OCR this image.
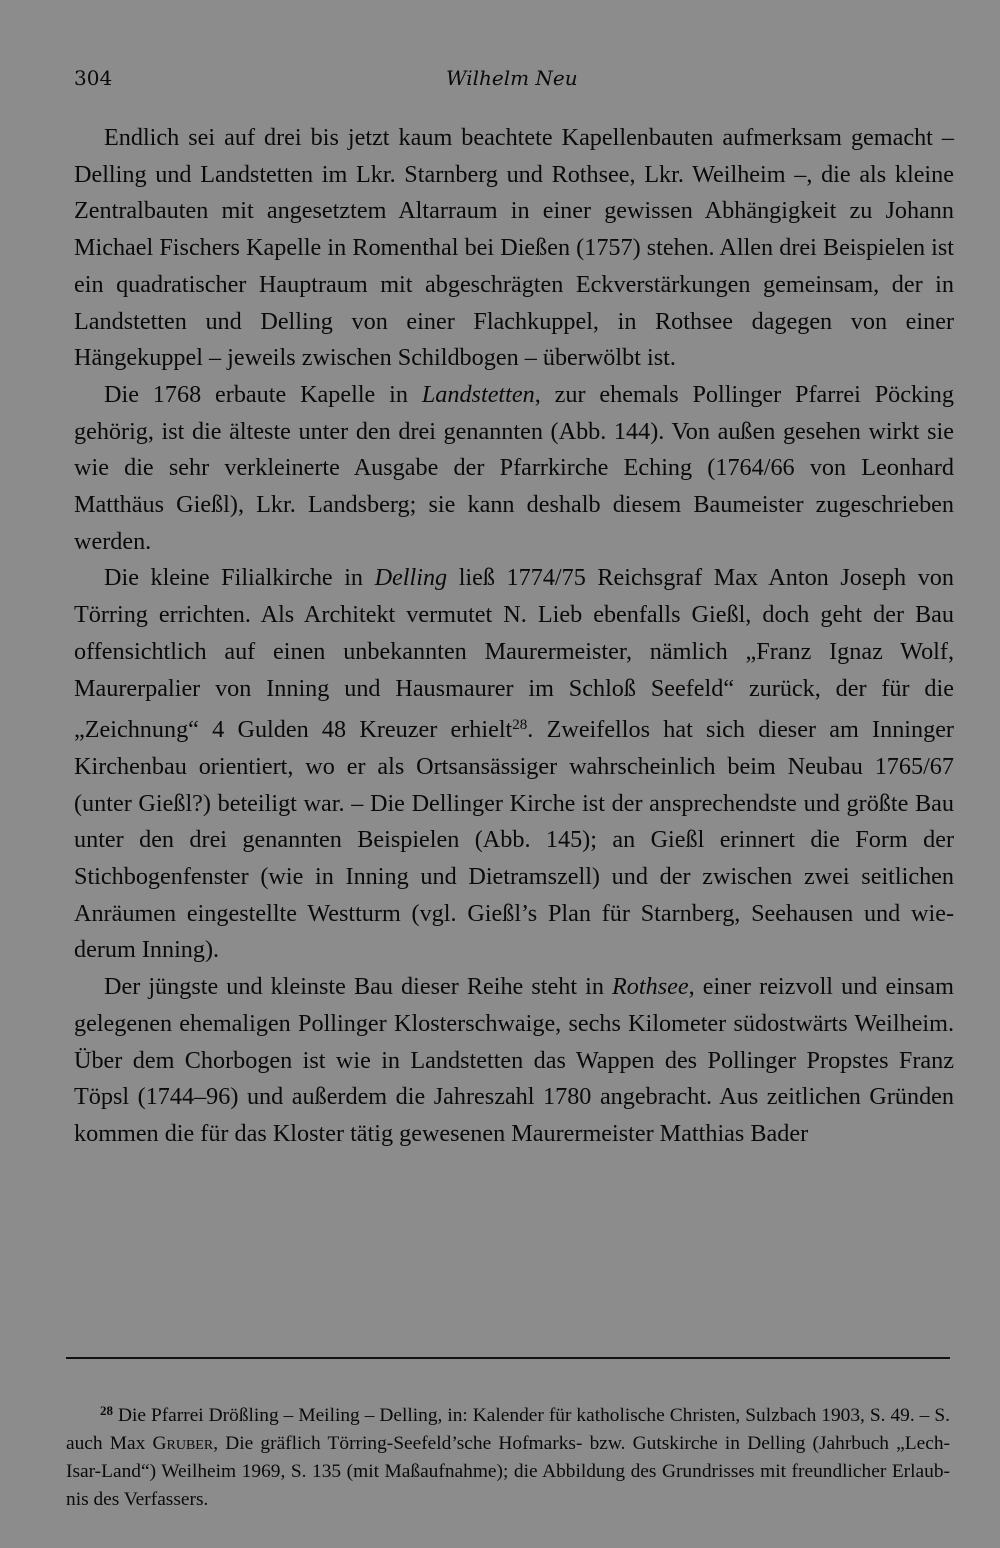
304	Wilhelm Neu

Endlich sei auf drei bis jetzt kaum beachtete Kapellenbauten aufmerksam gemacht – Delling und Landstetten im Lkr. Starnberg und Rothsee, Lkr. Weilheim –, die als kleine Zentralbauten mit angesetztem Altarraum in einer gewissen Abhängigkeit zu Johann Michael Fischers Kapelle in Romenthal bei Dießen (1757) stehen. Allen drei Beispielen ist ein quadratischer Hauptraum mit abgeschrägten Eckverstärkungen gemeinsam, der in Landstetten und Delling von einer Flachkuppel, in Rothsee dagegen von einer Hängekuppel – jeweils zwischen Schildbogen – überwölbt ist.

Die 1768 erbaute Kapelle in Landstetten, zur ehemals Pollinger Pfarrei Pöcking gehörig, ist die älteste unter den drei genannten (Abb. 144). Von außen gesehen wirkt sie wie die sehr verkleinerte Ausgabe der Pfarrkirche Eching (1764/66 von Leonhard Matthäus Gießl), Lkr. Landsberg; sie kann deshalb diesem Baumeister zugeschrieben werden.

Die kleine Filialkirche in Delling ließ 1774/75 Reichsgraf Max Anton Joseph von Törring errichten. Als Architekt vermutet N. Lieb ebenfalls Gießl, doch geht der Bau offensichtlich auf einen unbekannten Maurermeister, nämlich „Franz Ignaz Wolf, Maurerpalier von Inning und Hausmaurer im Schloß Seefeld“ zurück, der für die „Zeichnung“ 4 Gulden 48 Kreuzer erhielt$^{28}$. Zweifellos hat sich dieser am Inninger Kirchenbau orientiert, wo er als Ortsansässiger wahrscheinlich beim Neubau 1765/67 (unter Gießl?) beteiligt war. – Die Dellinger Kirche ist der ansprechendste und größte Bau unter den drei genannten Beispielen (Abb. 145); an Gießl erinnert die Form der Stichbogenfenster (wie in Inning und Dietramszell) und der zwischen zwei seitlichen Anräumen eingestellte Westturm (vgl. Gießl’s Plan für Starnberg, Seehausen und wiederum Inning).

Der jüngste und kleinste Bau dieser Reihe steht in Rothsee, einer reizvoll und einsam gelegenen ehemaligen Pollinger Klosterschwaige, sechs Kilometer südostwärts Weilheim. Über dem Chorbogen ist wie in Landstetten das Wappen des Pollinger Propstes Franz Töpsl (1744–96) und außerdem die Jahreszahl 1780 angebracht. Aus zeitlichen Gründen kommen die für das Kloster tätig gewesenen Maurermeister Matthias Bader

$^{28}$ Die Pfarrei Drößling – Meiling – Delling, in: Kalender für katholische Christen, Sulzbach 1903, S. 49. – S. auch Max Gruber, Die gräflich Törring-Seefeld’sche Hofmarks- bzw. Gutskirche in Delling (Jahrbuch „Lech-Isar-Land“) Weilheim 1969, S. 135 (mit Maßaufnahme); die Abbildung des Grundrisses mit freundlicher Erlaubnis des Verfassers.
